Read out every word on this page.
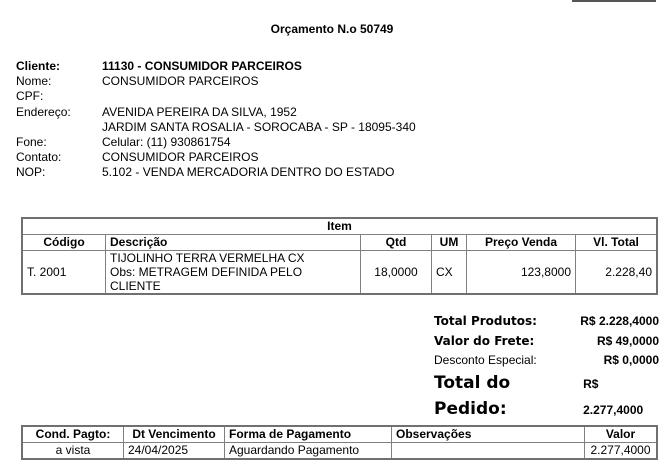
Orçamento N.o 50749
Cliente:	11130 - CONSUMIDOR PARCEIROS
Nome:	CONSUMIDOR PARCEIROS
CPF:
Endereço:	AVENIDA PEREIRA DA SILVA, 1952
JARDIM SANTA ROSALIA - SOROCABA - SP - 18095-340
Fone:	Celular: (11) 930861754
Contato:	CONSUMIDOR PARCEIROS
NOP:	5.102 - VENDA MERCADORIA DENTRO DO ESTADO
Item					
Código	Descrição	Qtd	UM	Preço Venda	Vl. Total
T. 2001	TIJOLINHO TERRA VERMELHA CX
Obs: METRAGEM DEFINIDA PELO CLIENTE	18,0000	CX	123,8000	2.228,40
Total Produtos:	R$ 2.228,4000
Valor do Frete:	R$ 49,0000
Desconto Especial:	R$ 0,0000
Total do Pedido:
R$ 2.277,4000
Cond. Pagto:	Dt Vencimento	Forma de Pagamento	Observações	Valor
a vista	24/04/2025	Aguardando Pagamento		2.277,4000
